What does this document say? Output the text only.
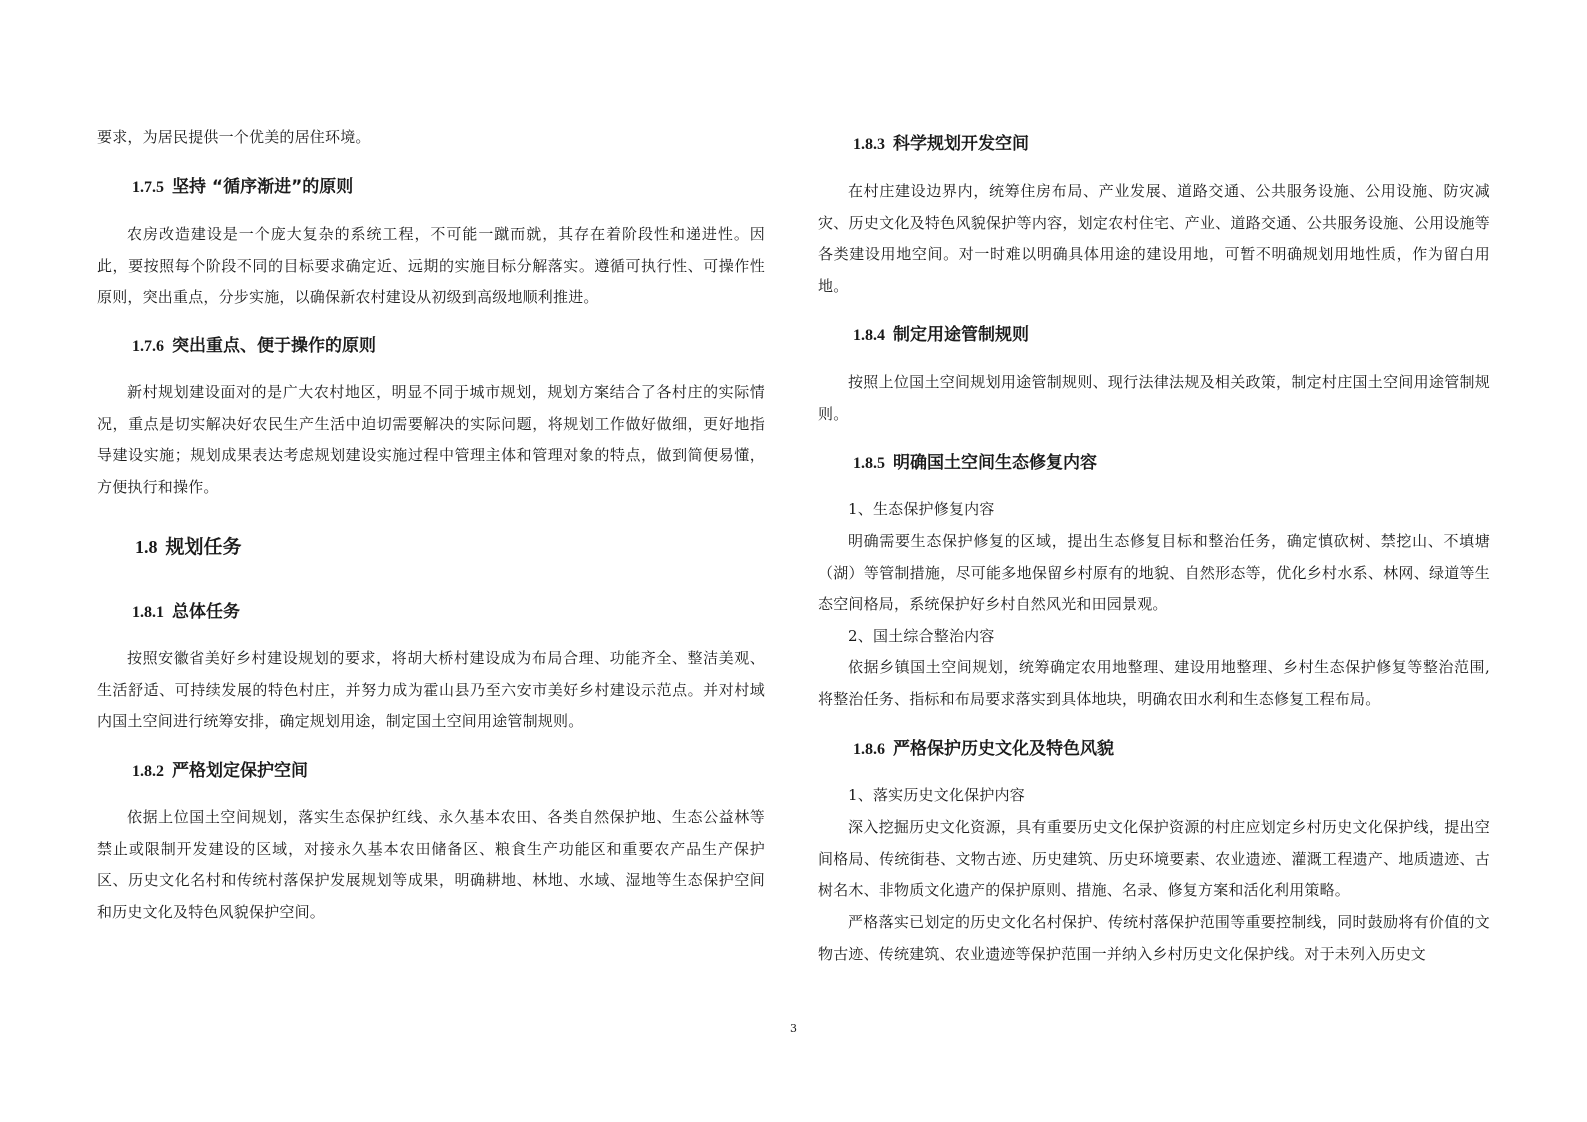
要求，为居民提供一个优美的居住环境。

1.7.5 坚持 “循序渐进”的原则

农房改造建设是一个庞大复杂的系统工程，不可能一蹴而就，其存在着阶段性和递进性。因此，要按照每个阶段不同的目标要求确定近、远期的实施目标分解落实。遵循可执行性、可操作性原则，突出重点，分步实施，以确保新农村建设从初级到高级地顺利推进。

1.7.6 突出重点、便于操作的原则

新村规划建设面对的是广大农村地区，明显不同于城市规划，规划方案结合了各村庄的实际情况，重点是切实解决好农民生产生活中迫切需要解决的实际问题，将规划工作做好做细，更好地指导建设实施；规划成果表达考虑规划建设实施过程中管理主体和管理对象的特点，做到简便易懂，方便执行和操作。

1.8 规划任务
1.8.1 总体任务

按照安徽省美好乡村建设规划的要求，将胡大桥村建设成为布局合理、功能齐全、整洁美观、生活舒适、可持续发展的特色村庄，并努力成为霍山县乃至六安市美好乡村建设示范点。并对村域内国土空间进行统筹安排，确定规划用途，制定国土空间用途管制规则。

1.8.2 严格划定保护空间

依据上位国土空间规划，落实生态保护红线、永久基本农田、各类自然保护地、生态公益林等禁止或限制开发建设的区域，对接永久基本农田储备区、粮食生产功能区和重要农产品生产保护区、历史文化名村和传统村落保护发展规划等成果，明确耕地、林地、水域、湿地等生态保护空间和历史文化及特色风貌保护空间。

1.8.3 科学规划开发空间

在村庄建设边界内，统筹住房布局、产业发展、道路交通、公共服务设施、公用设施、防灾减灾、历史文化及特色风貌保护等内容，划定农村住宅、产业、道路交通、公共服务设施、公用设施等各类建设用地空间。对一时难以明确具体用途的建设用地，可暂不明确规划用地性质，作为留白用地。

1.8.4 制定用途管制规则

按照上位国土空间规划用途管制规则、现行法律法规及相关政策，制定村庄国土空间用途管制规则。

1.8.5 明确国土空间生态修复内容

1、生态保护修复内容

明确需要生态保护修复的区域，提出生态修复目标和整治任务，确定慎砍树、禁挖山、不填塘（湖）等管制措施，尽可能多地保留乡村原有的地貌、自然形态等，优化乡村水系、林网、绿道等生态空间格局，系统保护好乡村自然风光和田园景观。

2、国土综合整治内容

依据乡镇国土空间规划，统筹确定农用地整理、建设用地整理、乡村生态保护修复等整治范围,将整治任务、指标和布局要求落实到具体地块，明确农田水利和生态修复工程布局。

1.8.6 严格保护历史文化及特色风貌

1、落实历史文化保护内容

深入挖掘历史文化资源，具有重要历史文化保护资源的村庄应划定乡村历史文化保护线，提出空间格局、传统街巷、文物古迹、历史建筑、历史环境要素、农业遗迹、灌溉工程遗产、地质遗迹、古树名木、非物质文化遗产的保护原则、措施、名录、修复方案和活化利用策略。

严格落实已划定的历史文化名村保护、传统村落保护范围等重要控制线，同时鼓励将有价值的文物古迹、传统建筑、农业遗迹等保护范围一并纳入乡村历史文化保护线。对于未列入历史文

3
